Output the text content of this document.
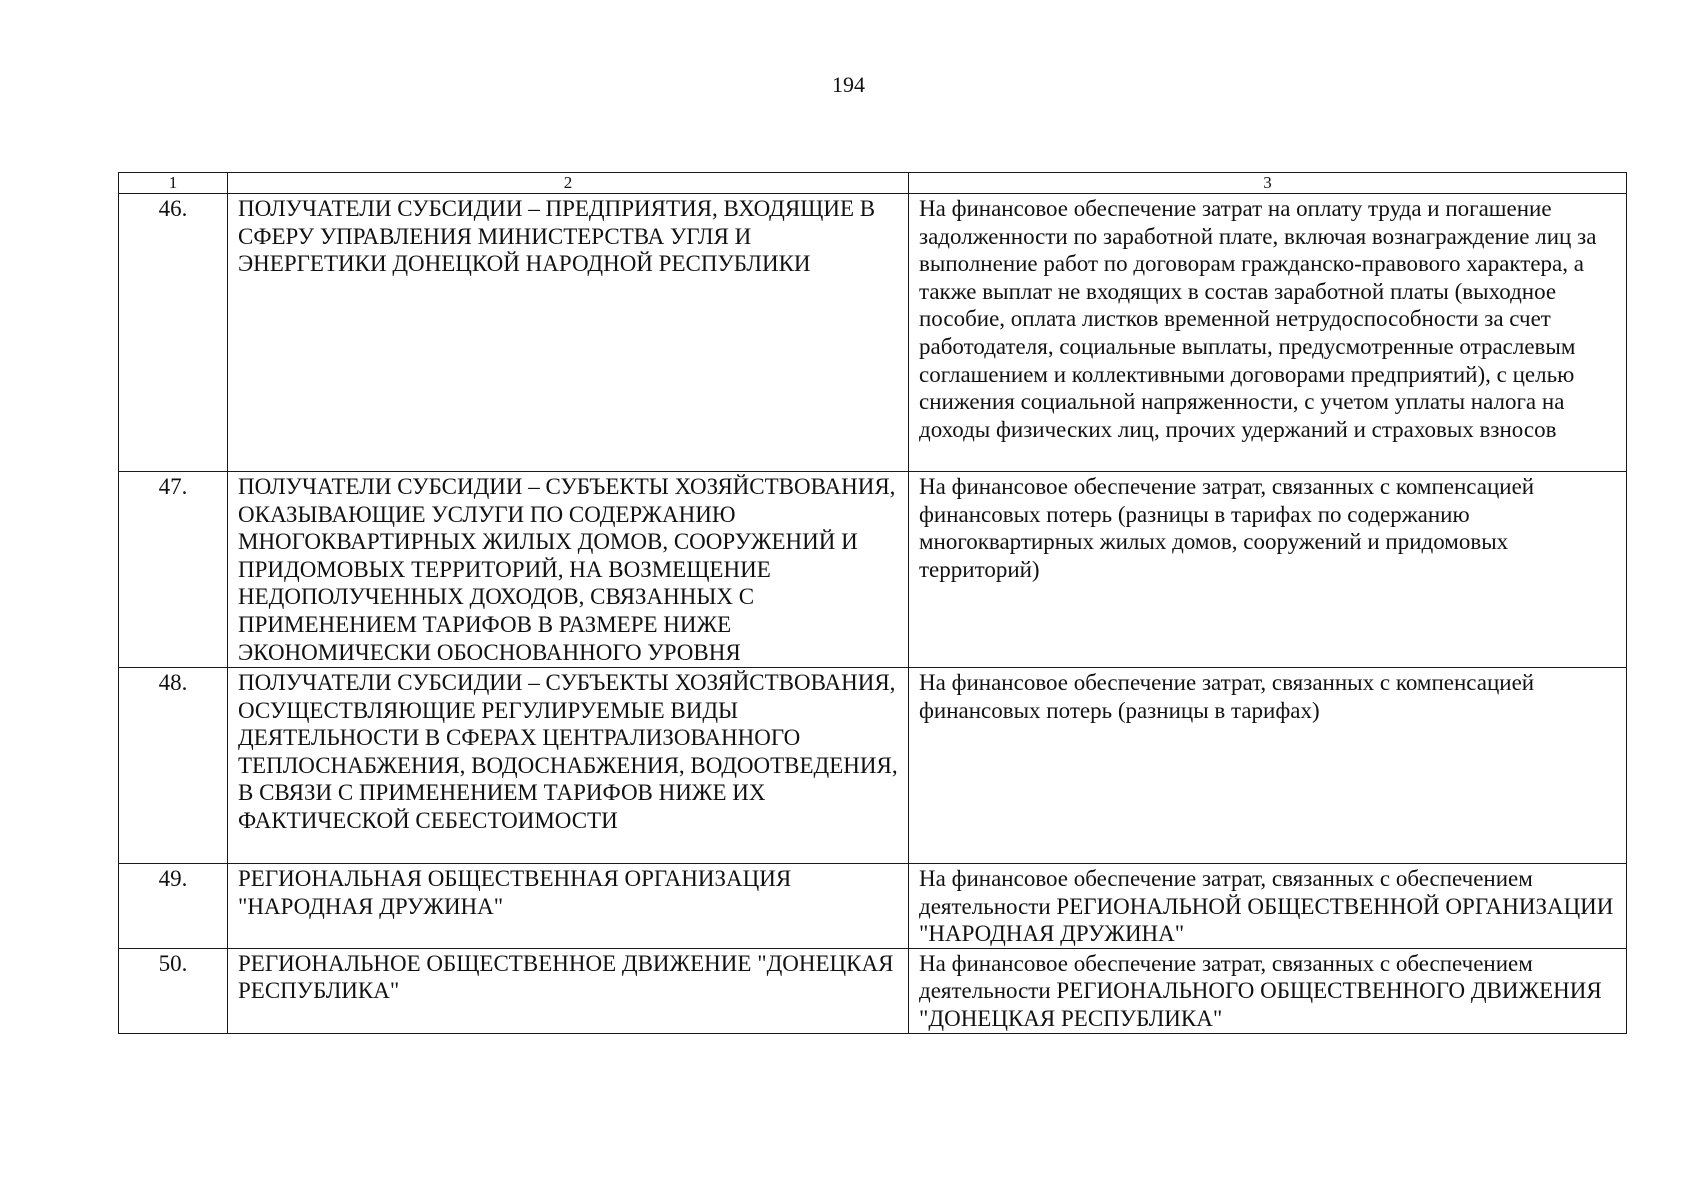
194
1	2	3
46.	ПОЛУЧАТЕЛИ СУБСИДИИ – ПРЕДПРИЯТИЯ, ВХОДЯЩИЕ В СФЕРУ УПРАВЛЕНИЯ МИНИСТЕРСТВА УГЛЯ И ЭНЕРГЕТИКИ ДОНЕЦКОЙ НАРОДНОЙ РЕСПУБЛИКИ	На финансовое обеспечение затрат на оплату труда и погашение задолженности по заработной плате, включая вознаграждение лиц за выполнение работ по договорам гражданско-правового характера, а также выплат не входящих в состав заработной платы (выходное пособие, оплата листков временной нетрудоспособности за счет работодателя, социальные выплаты, предусмотренные отраслевым соглашением и коллективными договорами предприятий), с целью снижения социальной напряженности, с учетом уплаты налога на доходы физических лиц, прочих удержаний и страховых взносов
47.	ПОЛУЧАТЕЛИ СУБСИДИИ – СУБЪЕКТЫ ХОЗЯЙСТВОВАНИЯ, ОКАЗЫВАЮЩИЕ УСЛУГИ ПО СОДЕРЖАНИЮ МНОГОКВАРТИРНЫХ ЖИЛЫХ ДОМОВ, СООРУЖЕНИЙ И ПРИДОМОВЫХ ТЕРРИТОРИЙ, НА ВОЗМЕЩЕНИЕ НЕДОПОЛУЧЕННЫХ ДОХОДОВ, СВЯЗАННЫХ С ПРИМЕНЕНИЕМ ТАРИФОВ В РАЗМЕРЕ НИЖЕ ЭКОНОМИЧЕСКИ ОБОСНОВАННОГО УРОВНЯ	На финансовое обеспечение затрат, связанных с компенсацией финансовых потерь (разницы в тарифах по содержанию многоквартирных жилых домов, сооружений и придомовых территорий)
48.	ПОЛУЧАТЕЛИ СУБСИДИИ – СУБЪЕКТЫ ХОЗЯЙСТВОВАНИЯ, ОСУЩЕСТВЛЯЮЩИЕ РЕГУЛИРУЕМЫЕ ВИДЫ ДЕЯТЕЛЬНОСТИ В СФЕРАХ ЦЕНТРАЛИЗОВАННОГО ТЕПЛОСНАБЖЕНИЯ, ВОДОСНАБЖЕНИЯ, ВОДООТВЕДЕНИЯ, В СВЯЗИ С ПРИМЕНЕНИЕМ ТАРИФОВ НИЖЕ ИХ ФАКТИЧЕСКОЙ СЕБЕСТОИМОСТИ	На финансовое обеспечение затрат, связанных с компенсацией финансовых потерь (разницы в тарифах)
49.	РЕГИОНАЛЬНАЯ ОБЩЕСТВЕННАЯ ОРГАНИЗАЦИЯ "НАРОДНАЯ ДРУЖИНА"	На финансовое обеспечение затрат, связанных с обеспечением деятельности РЕГИОНАЛЬНОЙ ОБЩЕСТВЕННОЙ ОРГАНИЗАЦИИ "НАРОДНАЯ ДРУЖИНА"
50.	РЕГИОНАЛЬНОЕ ОБЩЕСТВЕННОЕ ДВИЖЕНИЕ "ДОНЕЦКАЯ РЕСПУБЛИКА"	На финансовое обеспечение затрат, связанных с обеспечением деятельности РЕГИОНАЛЬНОГО ОБЩЕСТВЕННОГО ДВИЖЕНИЯ "ДОНЕЦКАЯ РЕСПУБЛИКА"
